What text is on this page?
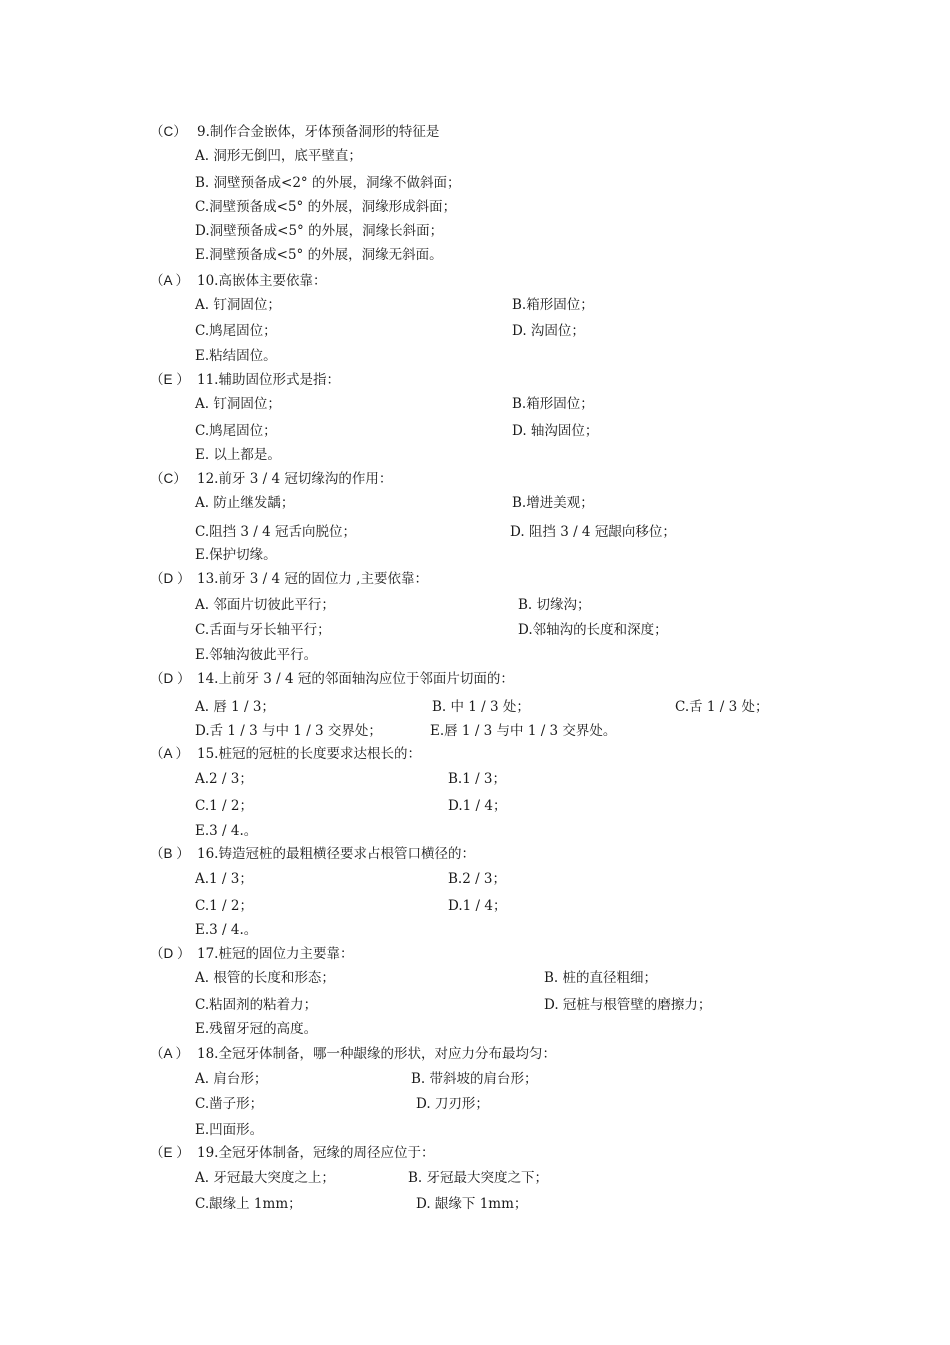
（C） 9.制作合金嵌体，牙体预备洞形的特征是
A. 洞形无倒凹，底平壁直；
B. 洞壁预备成<2° 的外展，洞缘不做斜面；
C.洞壁预备成<5° 的外展，洞缘形成斜面；
D.洞壁预备成<5° 的外展，洞缘长斜面；
E.洞壁预备成<5° 的外展，洞缘无斜面。
（A ） 10.高嵌体主要依靠：
A. 钉洞固位；	B.箱形固位；
C.鸠尾固位；	D. 沟固位；
E.粘结固位。
（E ） 11.辅助固位形式是指：
A. 钉洞固位；	B.箱形固位；
C.鸠尾固位；	D. 轴沟固位；
E. 以上都是。
（C） 12.前牙 3 / 4 冠切缘沟的作用：
A. 防止继发龋；	B.增进美观；
C.阻挡 3 / 4 冠舌向脱位；	D. 阻挡 3 / 4 冠龈向移位；
E.保护切缘。
（D ） 13.前牙 3 / 4 冠的固位力 ,主要依靠：
A. 邻面片切彼此平行；	B. 切缘沟；
C.舌面与牙长轴平行；	D.邻轴沟的长度和深度；
E.邻轴沟彼此平行。
（D ） 14.上前牙 3 / 4 冠的邻面轴沟应位于邻面片切面的：
A. 唇 1 / 3；	B. 中 1 / 3 处；	C.舌 1 / 3 处；
D.舌 1 / 3 与中 1 / 3 交界处；	E.唇 1 / 3 与中 1 / 3 交界处。
（A ） 15.桩冠的冠桩的长度要求达根长的：
A.2 / 3；	B.1 / 3；
C.1 / 2；	D.1 / 4；
E.3 / 4.。
（B ） 16.铸造冠桩的最粗横径要求占根管口横径的：
A.1 / 3；	B.2 / 3；
C.1 / 2；	D.1 / 4；
E.3 / 4.。
（D ） 17.桩冠的固位力主要靠：
A. 根管的长度和形态；	B. 桩的直径粗细；
C.粘固剂的粘着力；	D. 冠桩与根管壁的磨擦力；
E.残留牙冠的高度。
（A ） 18.全冠牙体制备，哪一种龈缘的形状，对应力分布最均匀：
A. 肩台形；	B. 带斜坡的肩台形；
C.凿子形；	D. 刀刃形；
E.凹面形。
（E ） 19.全冠牙体制备，冠缘的周径应位于：
A. 牙冠最大突度之上；	B. 牙冠最大突度之下；
C.龈缘上 1mm；	D. 龈缘下 1mm；
